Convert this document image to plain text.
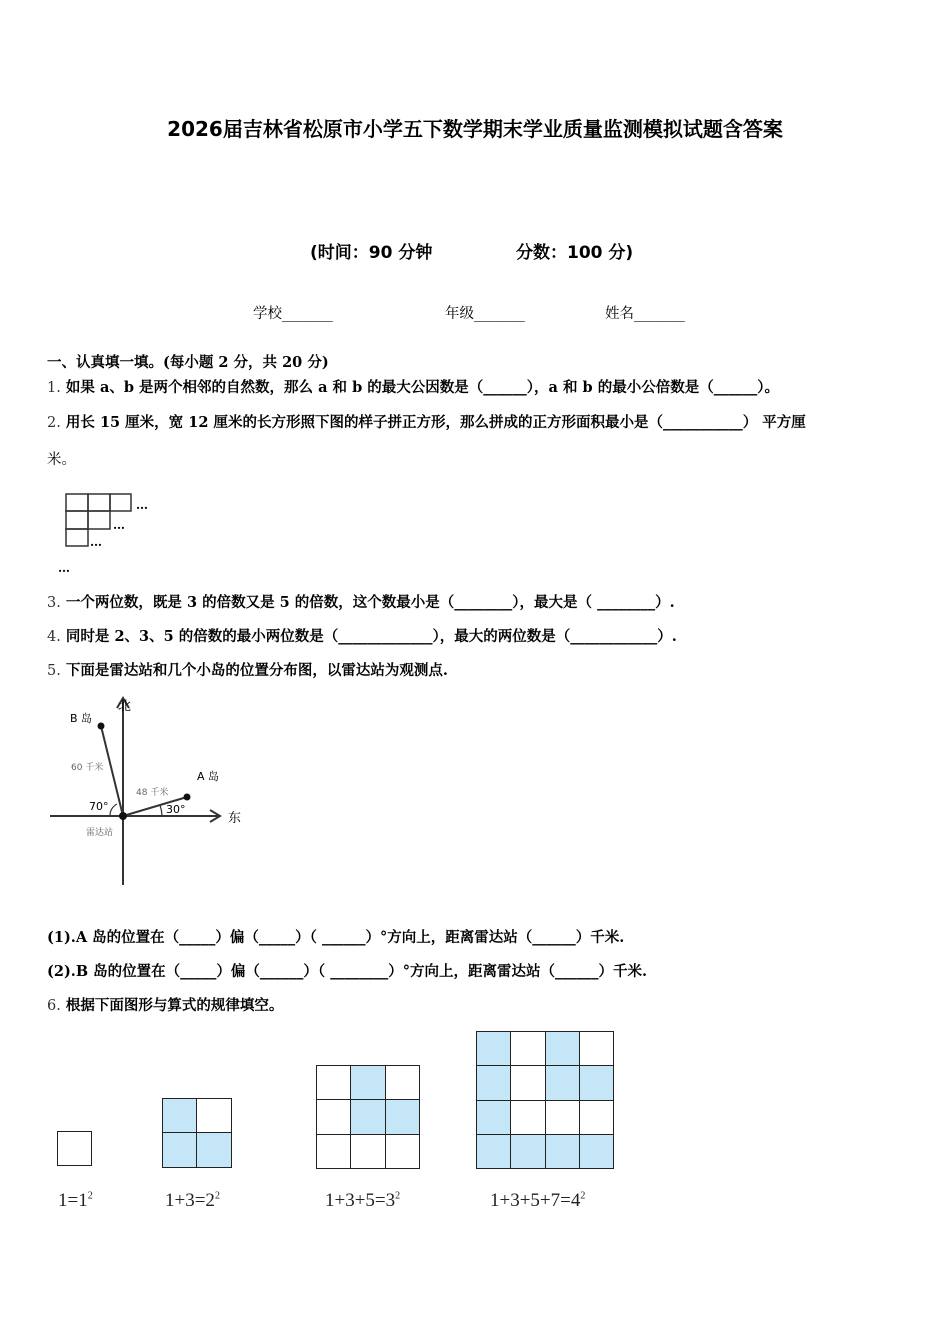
2026届吉林省松原市小学五下数学期末学业质量监测模拟试题含答案
(时间：90 分钟	分数：100 分)
学校_______	年级_______	姓名_______
一、认真填一填。(每小题 2 分，共 20 分)
1. 如果 a、b 是两个相邻的自然数，那么 a 和 b 的最大公因数是（______），a 和 b 的最小公倍数是（______）。
2. 用长 15 厘米，宽 12 厘米的长方形照下图的样子拼正方形，那么拼成的正方形面积最小是（___________） 平方厘
米。
…
…
…
…
3. 一个两位数，既是 3 的倍数又是 5 的倍数，这个数最小是（________），最大是（ ________）.
4. 同时是 2、3、5 的倍数的最小两位数是（_____________），最大的两位数是（____________）.
5. 下面是雷达站和几个小岛的位置分布图，以雷达站为观测点.
北
东
B 岛
A 岛
60 千米
48 千米
70°	30°
雷达站
(1).A 岛的位置在（_____）偏（_____）（ ______）°方向上，距离雷达站（______）千米.
(2).B 岛的位置在（_____）偏（______）（ ________）°方向上，距离雷达站（______）千米.
6. 根据下面图形与算式的规律填空。

$1=1^2$	$1+3=2^2$	$1+3+5=3^2$	$1+3+5+7=4^2$
